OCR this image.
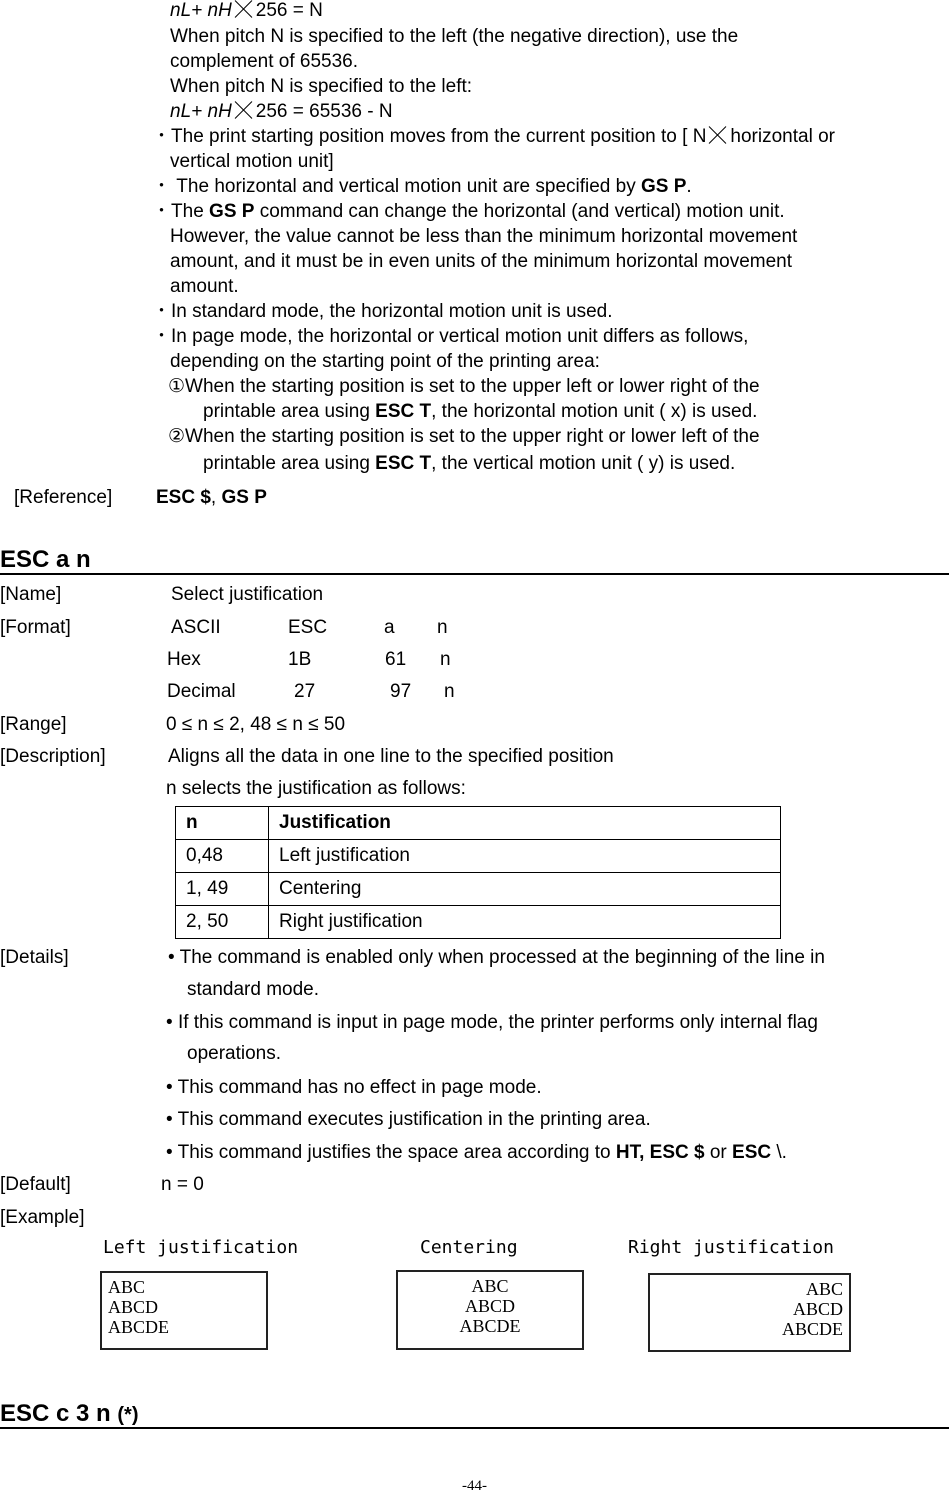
nL+ nH 256 = N
When pitch N is specified to the left (the negative direction), use the
complement of 65536.
When pitch N is specified to the left:
nL+ nH 256 = 65536 - N
・The print starting position moves from the current position to [ N horizontal or
vertical motion unit]
・ The horizontal and vertical motion unit are specified by GS P.
・The GS P command can change the horizontal (and vertical) motion unit.
However, the value cannot be less than the minimum horizontal movement
amount, and it must be in even units of the minimum horizontal movement
amount.
・In standard mode, the horizontal motion unit is used.
・In page mode, the horizontal or vertical motion unit differs as follows,
depending on the starting point of the printing area:
①When the starting position is set to the upper left or lower right of the
printable area using ESC T, the horizontal motion unit ( x) is used.
②When the starting position is set to the upper right or lower left of the
printable area using ESC T, the vertical motion unit ( y) is used.
[Reference] ESC $, GS P
ESC a n
[Name]	Select justification
[Format]	ASCII	ESC	a n
Hex	1B	61 n
Decimal	27	97 n
[Range]	0 ≤ n ≤ 2, 48 ≤ n ≤ 50
[Description]	Aligns all the data in one line to the specified position
n selects the justification as follows:
n	Justification
0,48	Left justification
1, 49	Centering
2, 50	Right justification
[Details]	• The command is enabled only when processed at the beginning of the line in
standard mode.
• If this command is input in page mode, the printer performs only internal flag
operations.
• This command has no effect in page mode.
• This command executes justification in the printing area.
• This command justifies the space area according to HT, ESC $ or ESC \.
[Default]	n = 0
[Example]
Left justification
ABC
ABCD
ABCDE
Centering
ABC
ABCD
ABCDE
Right justification
ABC
ABCD
ABCDE
ESC c 3 n (*)
-44-
